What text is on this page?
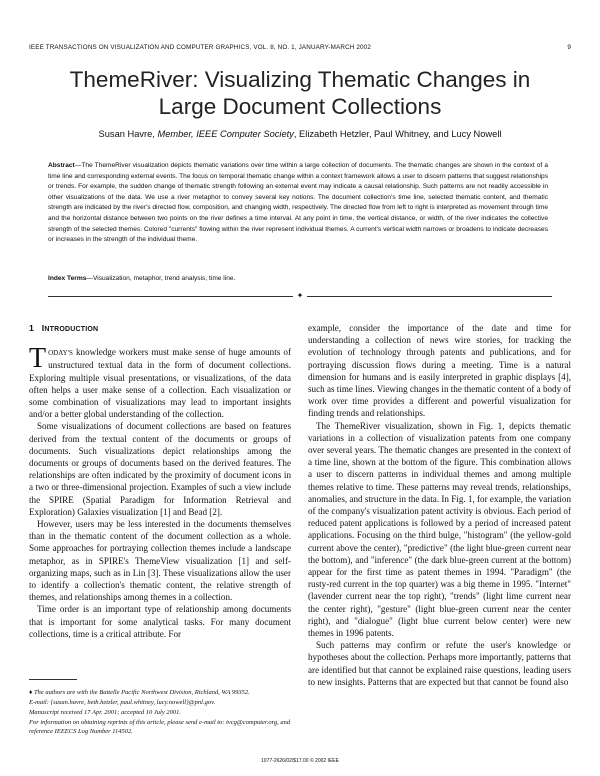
IEEE TRANSACTIONS ON VISUALIZATION AND COMPUTER GRAPHICS, VOL. 8, NO. 1, JANUARY-MARCH 2002	9
ThemeRiver: Visualizing Thematic Changes in
Large Document Collections
Susan Havre, Member, IEEE Computer Society, Elizabeth Hetzler, Paul Whitney, and Lucy Nowell
Abstract—The ThemeRiver visualization depicts thematic variations over time within a large collection of documents. The thematic changes are shown in the context of a time line and corresponding external events. The focus on temporal thematic change within a context framework allows a user to discern patterns that suggest relationships or trends. For example, the sudden change of thematic strength following an external event may indicate a causal relationship. Such patterns are not readily accessible in other visualizations of the data. We use a river metaphor to convey several key notions. The document collection's time line, selected thematic content, and thematic strength are indicated by the river's directed flow, composition, and changing width, respectively. The directed flow from left to right is interpreted as movement through time and the horizontal distance between two points on the river defines a time interval. At any point in time, the vertical distance, or width, of the river indicates the collective strength of the selected themes. Colored "currents" flowing within the river represent individual themes. A current's vertical width narrows or broadens to indicate decreases or increases in the strength of the individual theme.
Index Terms—Visualization, metaphor, trend analysis, time line.
✦
1 INTRODUCTION

TODAY'S knowledge workers must make sense of huge amounts of unstructured textual data in the form of document collections. Exploring multiple visual presentations, or visualizations, of the data often helps a user make sense of a collection. Each visualization or some combination of visualizations may lead to important insights and/or a better global understanding of the collection.

Some visualizations of document collections are based on features derived from the textual content of the documents or groups of documents. Such visualizations depict relationships among the documents or groups of documents based on the derived features. The relationships are often indicated by the proximity of document icons in a two or three-dimensional projection. Examples of such a view include the SPIRE (Spatial Paradigm for Information Retrieval and Exploration) Galaxies visualization [1] and Bead [2].

However, users may be less interested in the documents themselves than in the thematic content of the document collection as a whole. Some approaches for portraying collection themes include a landscape metaphor, as in SPIRE's ThemeView visualization [1] and self-organizing maps, such as in Lin [3]. These visualizations allow the user to identify a collection's thematic content, the relative strength of themes, and relationships among themes in a collection.

Time order is an important type of relationship among documents that is important for some analytical tasks. For many document collections, time is a critical attribute. For

example, consider the importance of the date and time for understanding a collection of news wire stories, for tracking the evolution of technology through patents and publications, and for portraying discussion flows during a meeting. Time is a natural dimension for humans and is easily interpreted in graphic displays [4], such as time lines. Viewing changes in the thematic content of a body of work over time provides a different and powerful visualization for finding trends and relationships.

The ThemeRiver visualization, shown in Fig. 1, depicts thematic variations in a collection of visualization patents from one company over several years. The thematic changes are presented in the context of a time line, shown at the bottom of the figure. This combination allows a user to discern patterns in individual themes and among multiple themes relative to time. These patterns may reveal trends, relationships, anomalies, and structure in the data. In Fig. 1, for example, the variation of the company's visualization patent activity is obvious. Each period of reduced patent applications is followed by a period of increased patent applications. Focusing on the third bulge, "histogram" (the yellow-gold current above the center), "predictive" (the light blue-green current near the bottom), and "inference" (the dark blue-green current at the bottom) appear for the first time as patent themes in 1994. "Paradigm" (the rusty-red current in the top quarter) was a big theme in 1995. "Internet" (lavender current near the top right), "trends" (light lime current near the center right), "gesture" (light blue-green current near the center right), and "dialogue" (light blue current below center) were new themes in 1996 patents.

Such patterns may confirm or refute the user's knowledge or hypotheses about the collection. Perhaps more importantly, patterns that are identified but that cannot be explained raise questions, leading users to new insights. Patterns that are expected but that cannot be found also

♦ The authors are with the Battelle Pacific Northwest Division, Richland, WA 99352.
E-mail: {susan.havre, beth.hetzler, paul.whitney, lucy.nowell}@pnl.gov.
Manuscript received 17 Apr. 2001; accepted 10 July 2001.
For information on obtaining reprints of this article, please send e-mail to: tvcg@computer.org, and reference IEEECS Log Number 114502.
1077-2626/02/$17.00 © 2002 IEEE
